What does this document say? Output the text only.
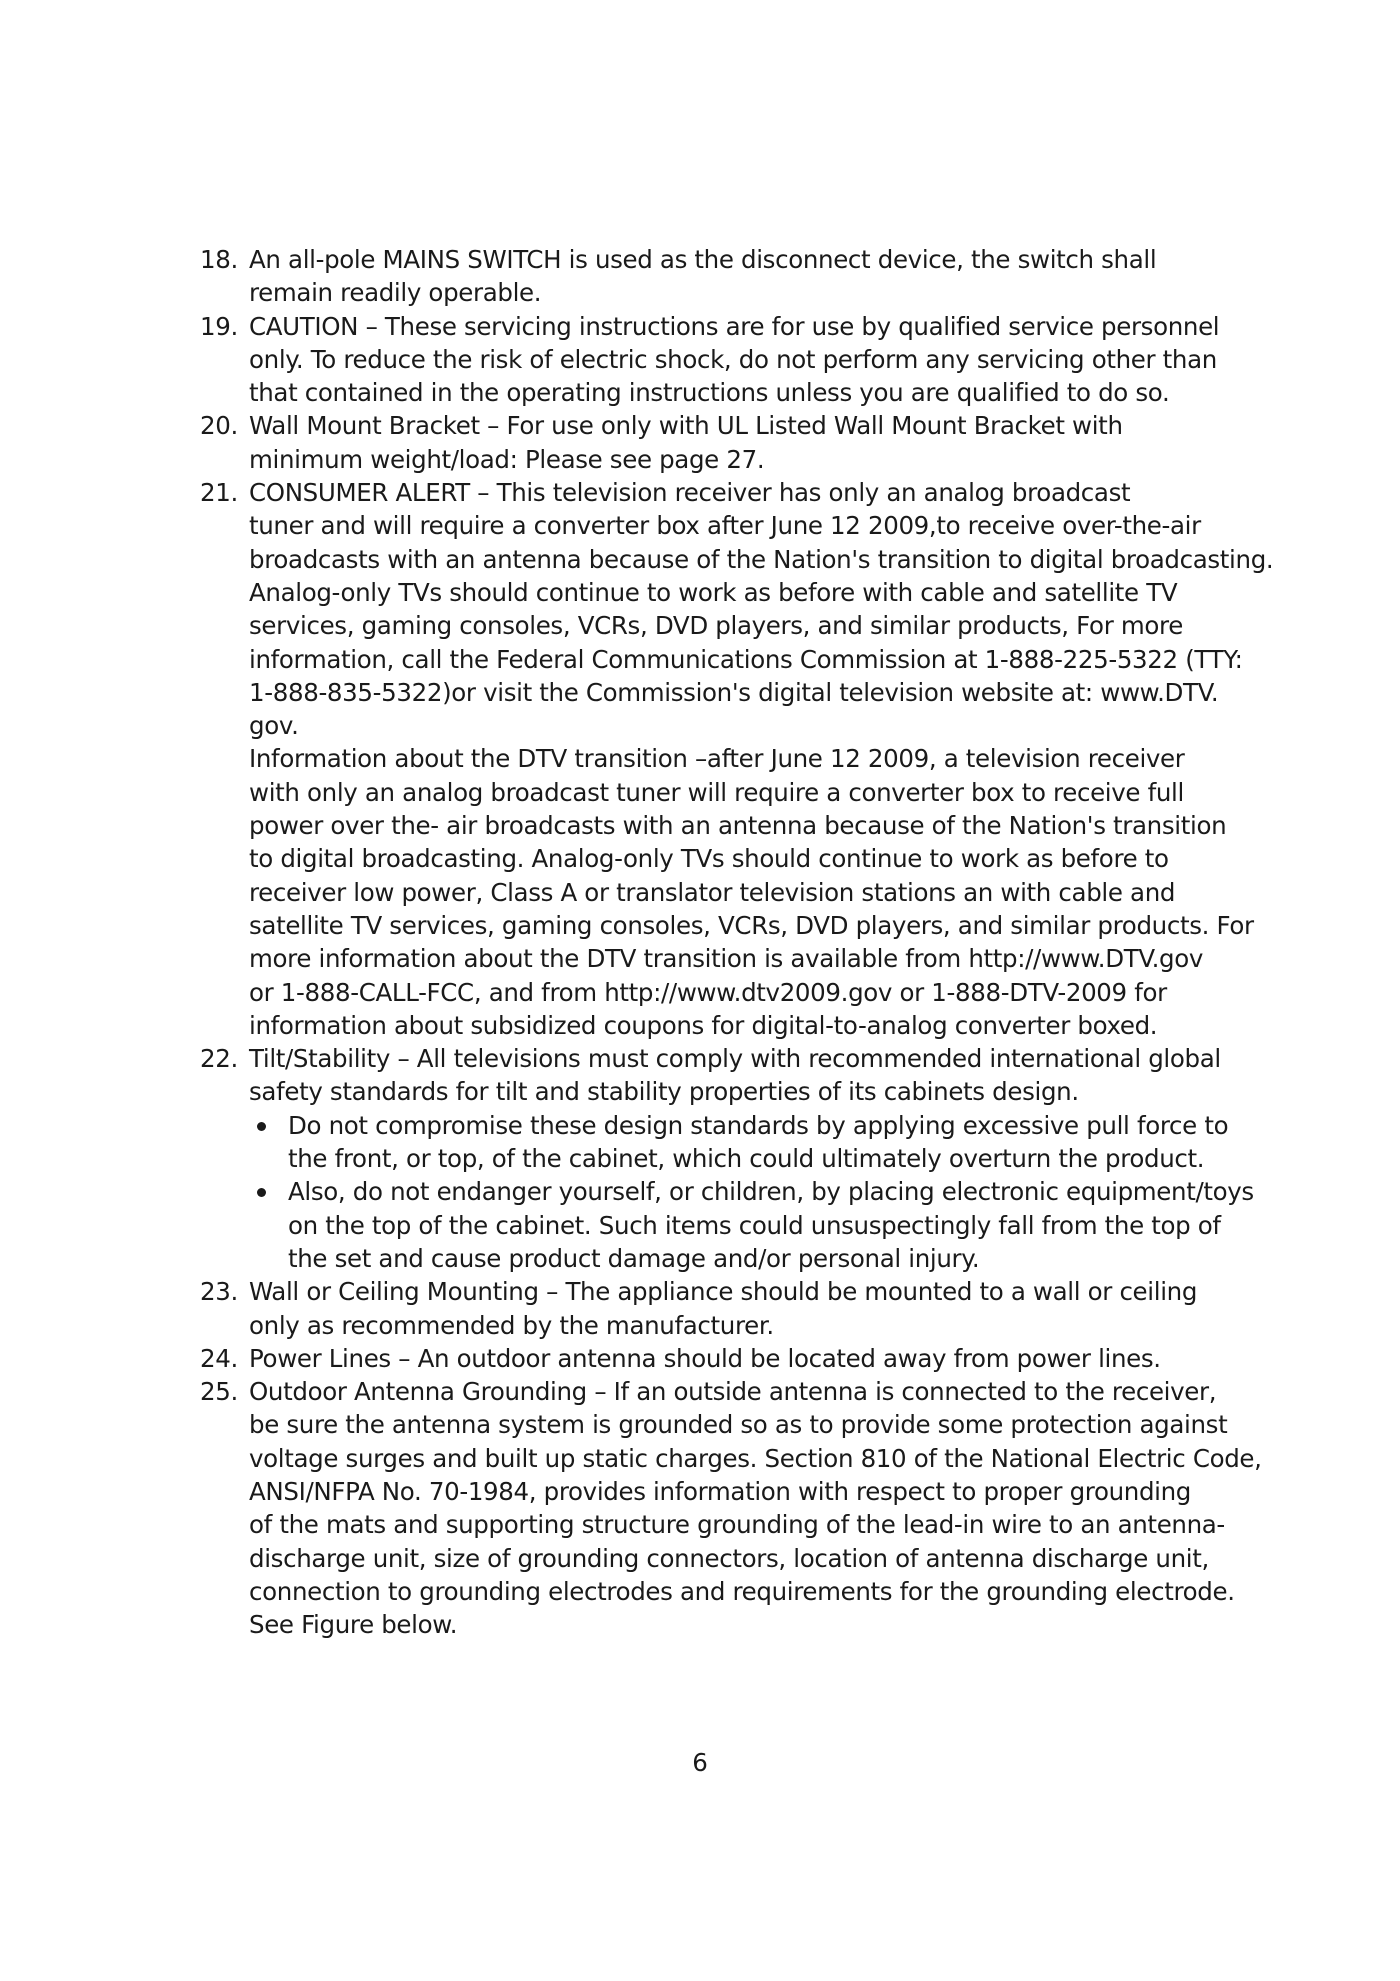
18. An all-pole MAINS SWITCH is used as the disconnect device, the switch shall
remain readily operable.

19. CAUTION – These servicing instructions are for use by qualified service personnel
only. To reduce the risk of electric shock, do not perform any servicing other than
that contained in the operating instructions unless you are qualified to do so.

20. Wall Mount Bracket – For use only with UL Listed Wall Mount Bracket with
minimum weight/load: Please see page 27.

21. CONSUMER ALERT – This television receiver has only an analog broadcast
tuner and will require a converter box after June 12 2009,to receive over-the-air
broadcasts with an antenna because of the Nation's transition to digital broadcasting.
Analog-only TVs should continue to work as before with cable and satellite TV
services, gaming consoles, VCRs, DVD players, and similar products, For more
information, call the Federal Communications Commission at 1-888-225-5322 (TTY:
1-888-835-5322)or visit the Commission's digital television website at: www.DTV.
gov.

Information about the DTV transition –after June 12 2009, a television receiver
with only an analog broadcast tuner will require a converter box to receive full
power over the- air broadcasts with an antenna because of the Nation's transition
to digital broadcasting. Analog-only TVs should continue to work as before to
receiver low power, Class A or translator television stations an with cable and
satellite TV services, gaming consoles, VCRs, DVD players, and similar products. For
more information about the DTV transition is available from http://www.DTV.gov
or 1-888-CALL-FCC, and from http://www.dtv2009.gov or 1-888-DTV-2009 for
information about subsidized coupons for digital-to-analog converter boxed.

22. Tilt/Stability – All televisions must comply with recommended international global
safety standards for tilt and stability properties of its cabinets design.

Do not compromise these design standards by applying excessive pull force to
the front, or top, of the cabinet, which could ultimately overturn the product.
Also, do not endanger yourself, or children, by placing electronic equipment/toys
on the top of the cabinet. Such items could unsuspectingly fall from the top of
the set and cause product damage and/or personal injury.
23. Wall or Ceiling Mounting – The appliance should be mounted to a wall or ceiling
only as recommended by the manufacturer.

24. Power Lines – An outdoor antenna should be located away from power lines.

25. Outdoor Antenna Grounding – If an outside antenna is connected to the receiver,
be sure the antenna system is grounded so as to provide some protection against
voltage surges and built up static charges. Section 810 of the National Electric Code,
ANSI/NFPA No. 70-1984, provides information with respect to proper grounding
of the mats and supporting structure grounding of the lead-in wire to an antenna-
discharge unit, size of grounding connectors, location of antenna discharge unit,
connection to grounding electrodes and requirements for the grounding electrode.
See Figure below.

6
